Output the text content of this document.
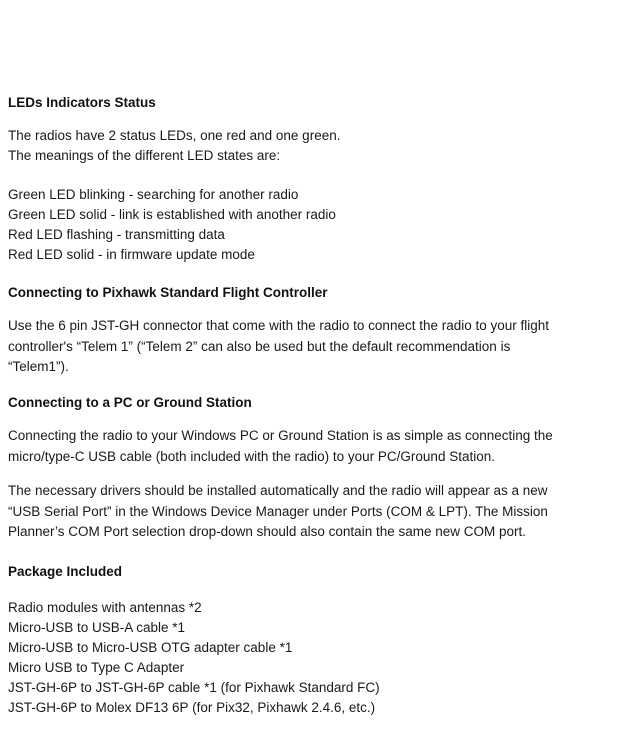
LEDs Indicators Status
The radios have 2 status LEDs, one red and one green.
The meanings of the different LED states are:
Green LED blinking - searching for another radio
Green LED solid - link is established with another radio
Red LED flashing - transmitting data
Red LED solid - in firmware update mode
Connecting to Pixhawk Standard Flight Controller
Use the 6 pin JST-GH connector that come with the radio to connect the radio to your flight
controller's “Telem 1” (“Telem 2” can also be used but the default recommendation is
“Telem1”).
Connecting to a PC or Ground Station
Connecting the radio to your Windows PC or Ground Station is as simple as connecting the
micro/type-C USB cable (both included with the radio) to your PC/Ground Station.
The necessary drivers should be installed automatically and the radio will appear as a new
“USB Serial Port” in the Windows Device Manager under Ports (COM & LPT). The Mission
Planner’s COM Port selection drop-down should also contain the same new COM port.
Package Included
Radio modules with antennas *2
Micro-USB to USB-A cable *1
Micro-USB to Micro-USB OTG adapter cable *1
Micro USB to Type C Adapter
JST-GH-6P to JST-GH-6P cable *1 (for Pixhawk Standard FC)
JST-GH-6P to Molex DF13 6P (for Pix32, Pixhawk 2.4.6, etc.)
